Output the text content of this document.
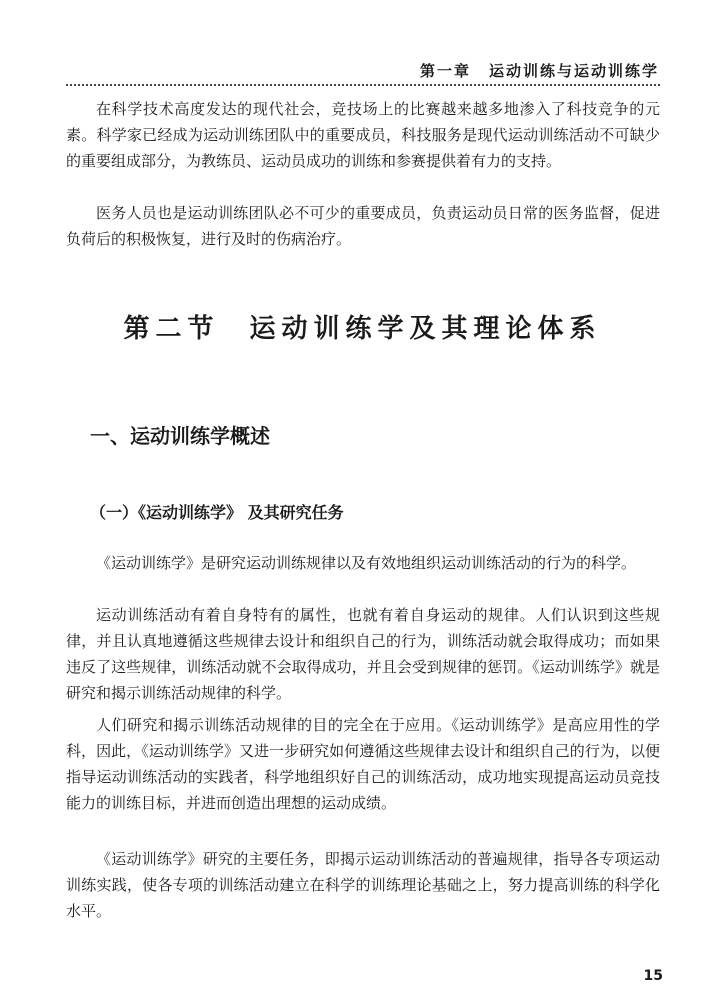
第一章 运动训练与运动训练学

在科学技术高度发达的现代社会，竞技场上的比赛越来越多地渗入了科技竞争的元素。科学家已经成为运动训练团队中的重要成员，科技服务是现代运动训练活动不可缺少的重要组成部分，为教练员、运动员成功的训练和参赛提供着有力的支持。

医务人员也是运动训练团队必不可少的重要成员，负责运动员日常的医务监督，促进负荷后的积极恢复，进行及时的伤病治疗。

第二节 运动训练学及其理论体系
一、运动训练学概述
（一）《运动训练学》 及其研究任务

《运动训练学》是研究运动训练规律以及有效地组织运动训练活动的行为的科学。

运动训练活动有着自身特有的属性，也就有着自身运动的规律。人们认识到这些规律，并且认真地遵循这些规律去设计和组织自己的行为，训练活动就会取得成功；而如果违反了这些规律，训练活动就不会取得成功，并且会受到规律的惩罚。《运动训练学》就是研究和揭示训练活动规律的科学。

人们研究和揭示训练活动规律的目的完全在于应用。《运动训练学》是高应用性的学科，因此，《运动训练学》又进一步研究如何遵循这些规律去设计和组织自己的行为，以便指导运动训练活动的实践者，科学地组织好自己的训练活动，成功地实现提高运动员竞技能力的训练目标，并进而创造出理想的运动成绩。

《运动训练学》研究的主要任务，即揭示运动训练活动的普遍规律，指导各专项运动训练实践，使各专项的训练活动建立在科学的训练理论基础之上，努力提高训练的科学化水平。

15
